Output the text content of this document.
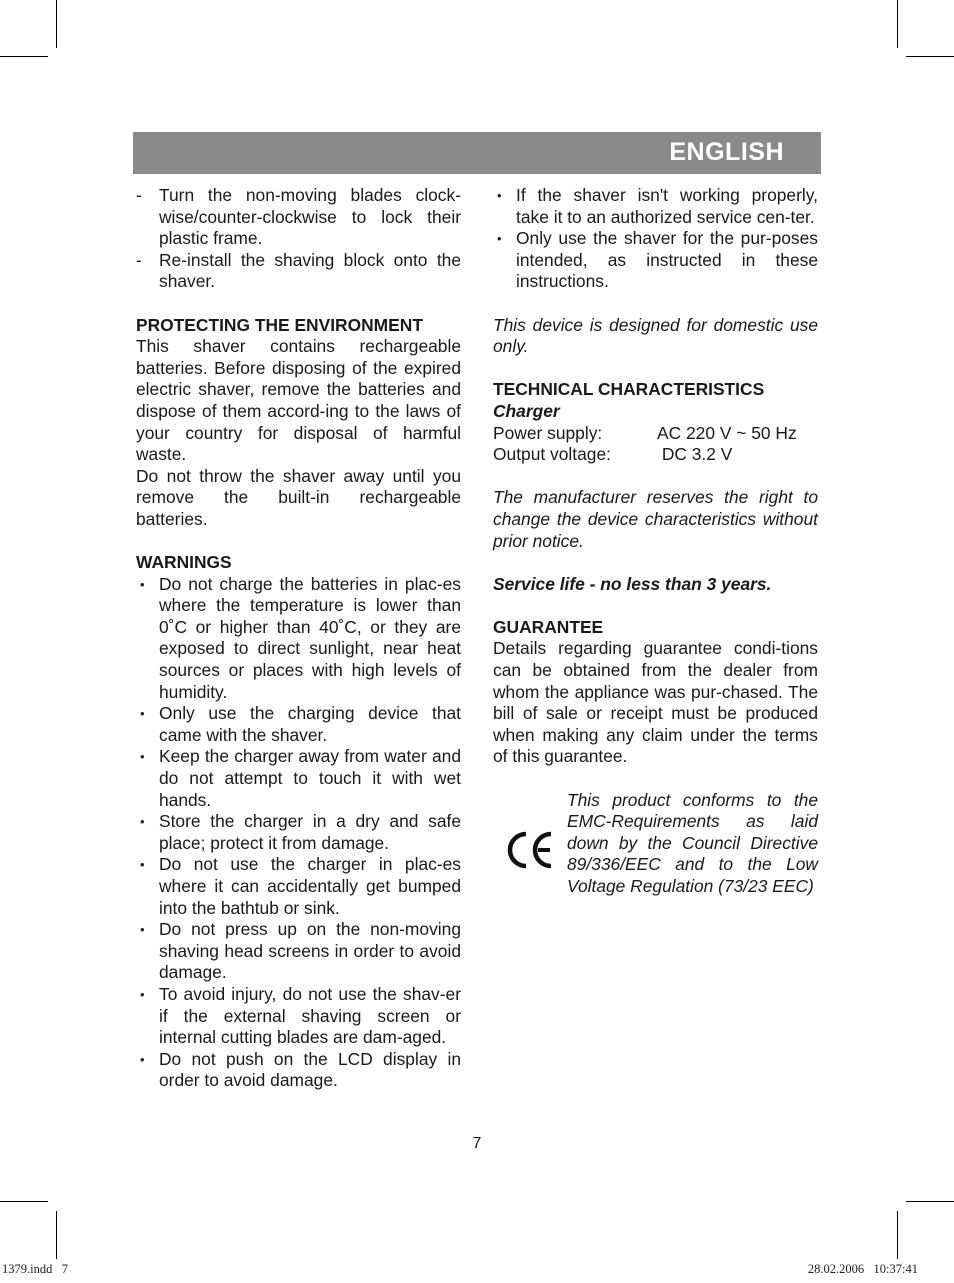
ENGLISH
- Turn the non-moving blades clock-wise/counter-clockwise to lock their plastic frame.
- Re-install the shaving block onto the shaver.

PROTECTING THE ENVIRONMENT

This shaver contains rechargeable batteries. Before disposing of the expired electric shaver, remove the batteries and dispose of them accord-ing to the laws of your country for disposal of harmful waste.

Do not throw the shaver away until you remove the built-in rechargeable batteries.

WARNINGS

• Do not charge the batteries in plac-es where the temperature is lower than 0˚C or higher than 40˚C, or they are exposed to direct sunlight, near heat sources or places with high levels of humidity.
• Only use the charging device that came with the shaver.
• Keep the charger away from water and do not attempt to touch it with wet hands.
• Store the charger in a dry and safe place; protect it from damage.
• Do not use the charger in plac-es where it can accidentally get bumped into the bathtub or sink.
• Do not press up on the non-moving shaving head screens in order to avoid damage.
• To avoid injury, do not use the shav-er if the external shaving screen or internal cutting blades are dam-aged.
• Do not push on the LCD display in order to avoid damage.
• If the shaver isn't working properly, take it to an authorized service cen-ter.
• Only use the shaver for the pur-poses intended, as instructed in these instructions.

This device is designed for domestic use only.

TECHNICAL CHARACTERISTICS

Charger

Power supply:	AC 220 V ~ 50 Hz
Output voltage:	DC 3.2 V

The manufacturer reserves the right to change the device characteristics without prior notice.

Service life - no less than 3 years.

GUARANTEE

Details regarding guarantee condi-tions can be obtained from the dealer from whom the appliance was pur-chased. The bill of sale or receipt must be produced when making any claim under the terms of this guarantee.

This product conforms to the EMC-Requirements as laid down by the Council Directive 89/336/EEC and to the Low Voltage Regulation (73/23 EEC)

7
1379.indd   7	28.02.2006   10:37:41
